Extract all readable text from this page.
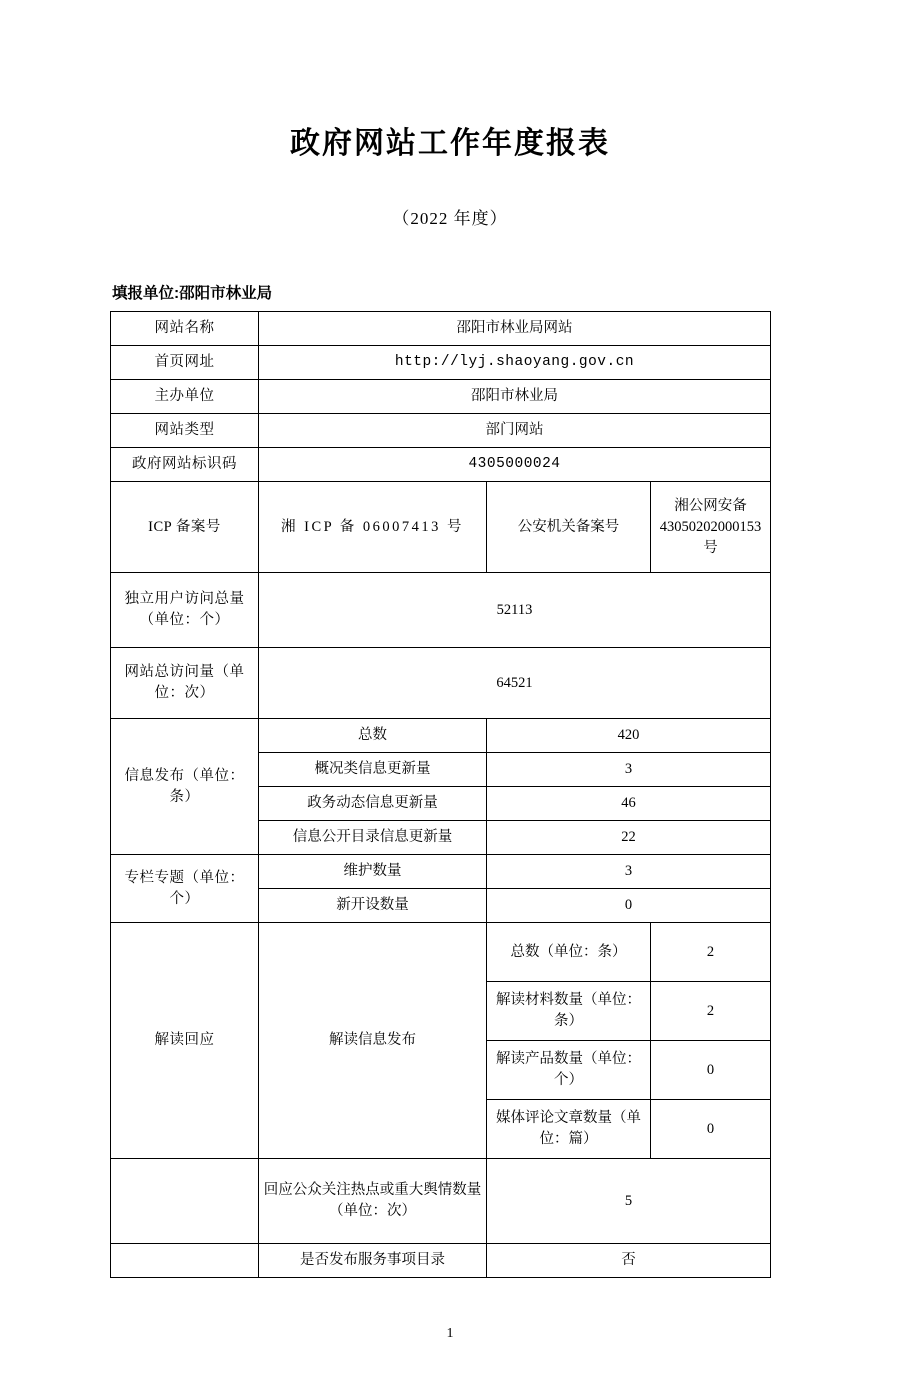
政府网站工作年度报表
（2022 年度）
填报单位:邵阳市林业局
网站名称	邵阳市林业局网站		
首页网址	http://lyj.shaoyang.gov.cn		
主办单位	邵阳市林业局		
网站类型	部门网站		
政府网站标识码	4305000024		
ICP 备案号	湘 ICP 备 06007413 号	公安机关备案号	湘公网安备 43050202000153 号
独立用户访问总量（单位：个）	52113		
网站总访问量（单位：次）	64521		
信息发布（单位：条）	总数	420	
	概况类信息更新量	3	
	政务动态信息更新量	46	
	信息公开目录信息更新量	22	
专栏专题（单位：个）	维护数量	3	
	新开设数量	0	
解读回应	解读信息发布	总数（单位：条）	2
		解读材料数量（单位：条）	2
		解读产品数量（单位：个）	0
		媒体评论文章数量（单位：篇）	0
	回应公众关注热点或重大舆情数量（单位：次）	5	
	是否发布服务事项目录	否	
1
